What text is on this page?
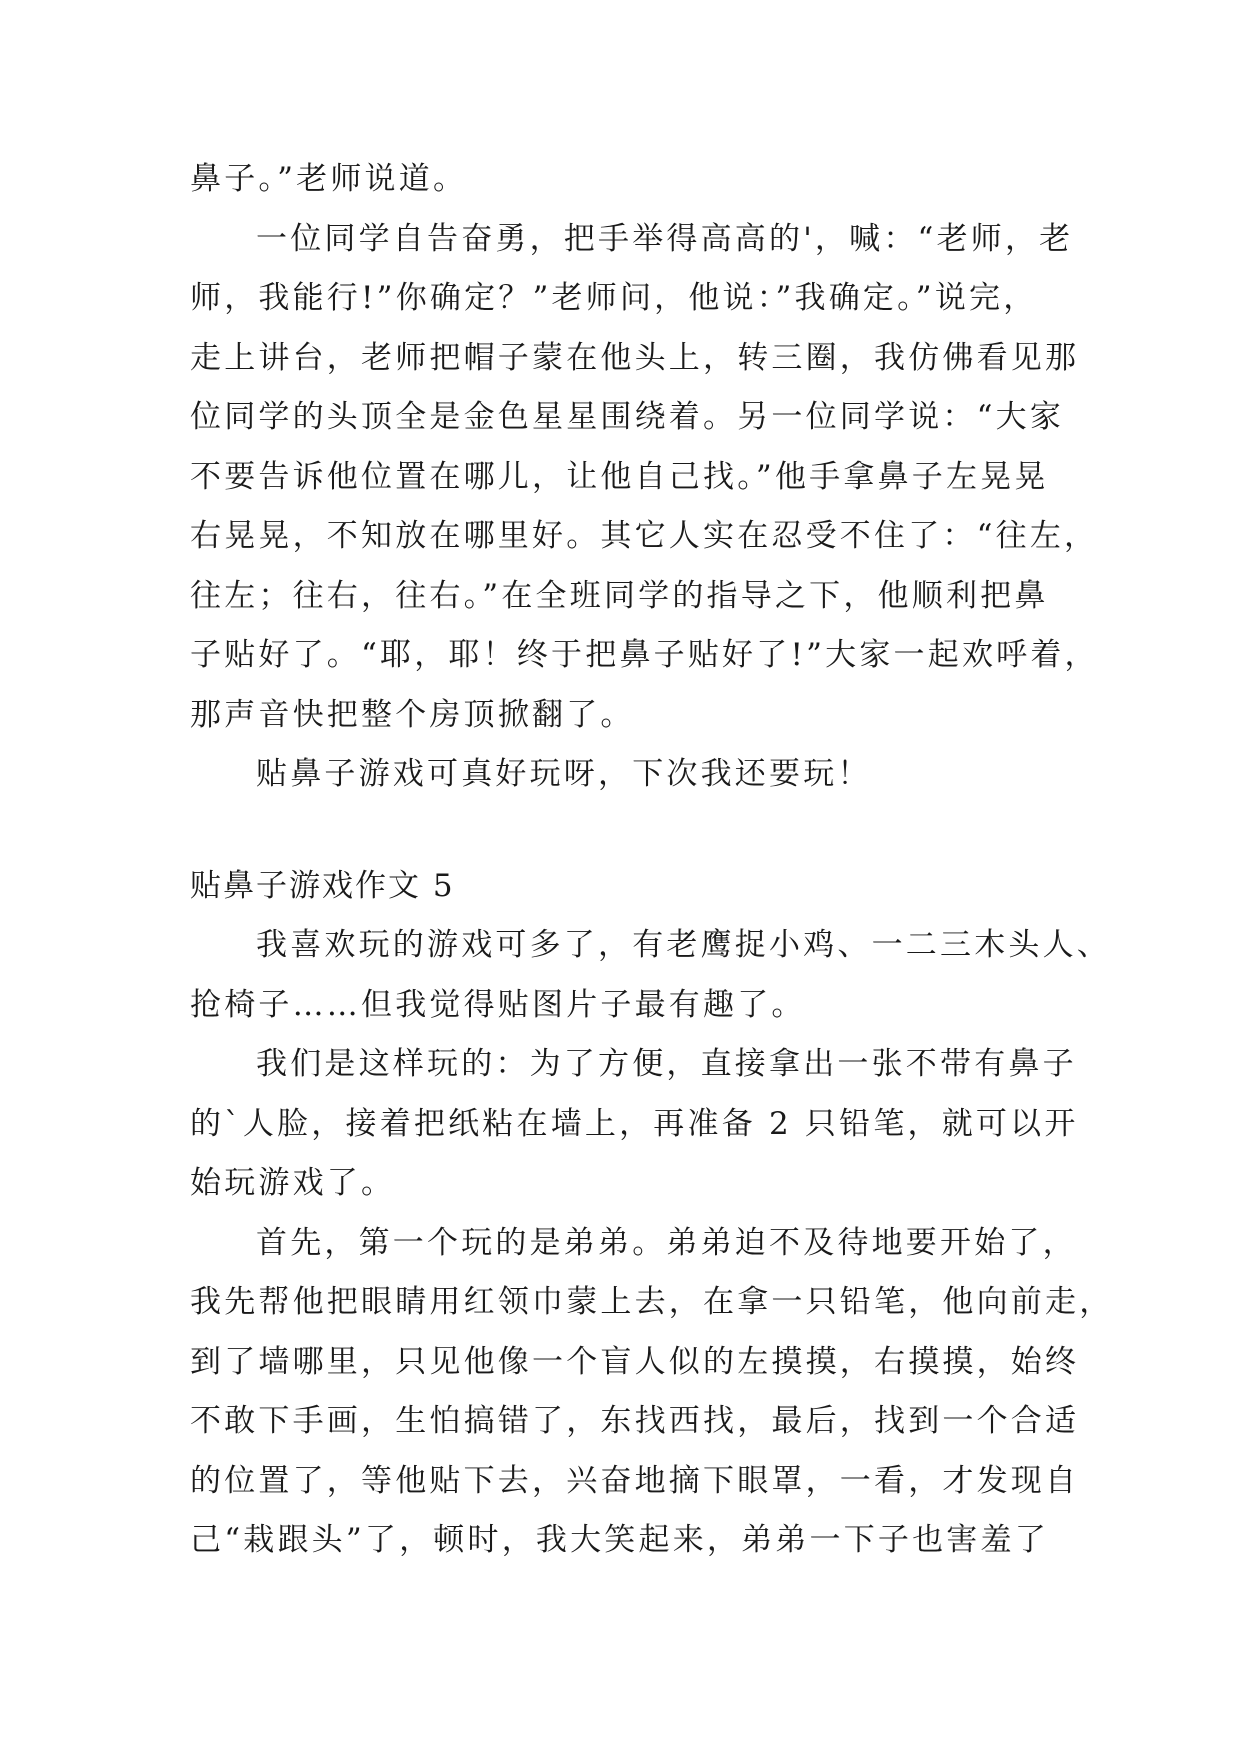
鼻子。”老师说道。
一位同学自告奋勇，把手举得高高的'，喊：“老师，老
师，我能行!”你确定？”老师问，他说：”我确定。”说完，
走上讲台，老师把帽子蒙在他头上，转三圈，我仿佛看见那
位同学的头顶全是金色星星围绕着。另一位同学说：“大家
不要告诉他位置在哪儿，让他自己找。”他手拿鼻子左晃晃
右晃晃，不知放在哪里好。其它人实在忍受不住了：“往左，
往左；往右，往右。”在全班同学的指导之下，他顺利把鼻
子贴好了。“耶，耶！终于把鼻子贴好了!”大家一起欢呼着，
那声音快把整个房顶掀翻了。
贴鼻子游戏可真好玩呀，下次我还要玩！
贴鼻子游戏作文 5
我喜欢玩的游戏可多了，有老鹰捉小鸡、一二三木头人、
抢椅子……但我觉得贴图片子最有趣了。
我们是这样玩的：为了方便，直接拿出一张不带有鼻子
的`人脸，接着把纸粘在墙上，再准备 2 只铅笔，就可以开
始玩游戏了。
首先，第一个玩的是弟弟。弟弟迫不及待地要开始了，
我先帮他把眼睛用红领巾蒙上去，在拿一只铅笔，他向前走，
到了墙哪里，只见他像一个盲人似的左摸摸，右摸摸，始终
不敢下手画，生怕搞错了，东找西找，最后，找到一个合适
的位置了，等他贴下去，兴奋地摘下眼罩，一看，才发现自
己“栽跟头”了，顿时，我大笑起来，弟弟一下子也害羞了
